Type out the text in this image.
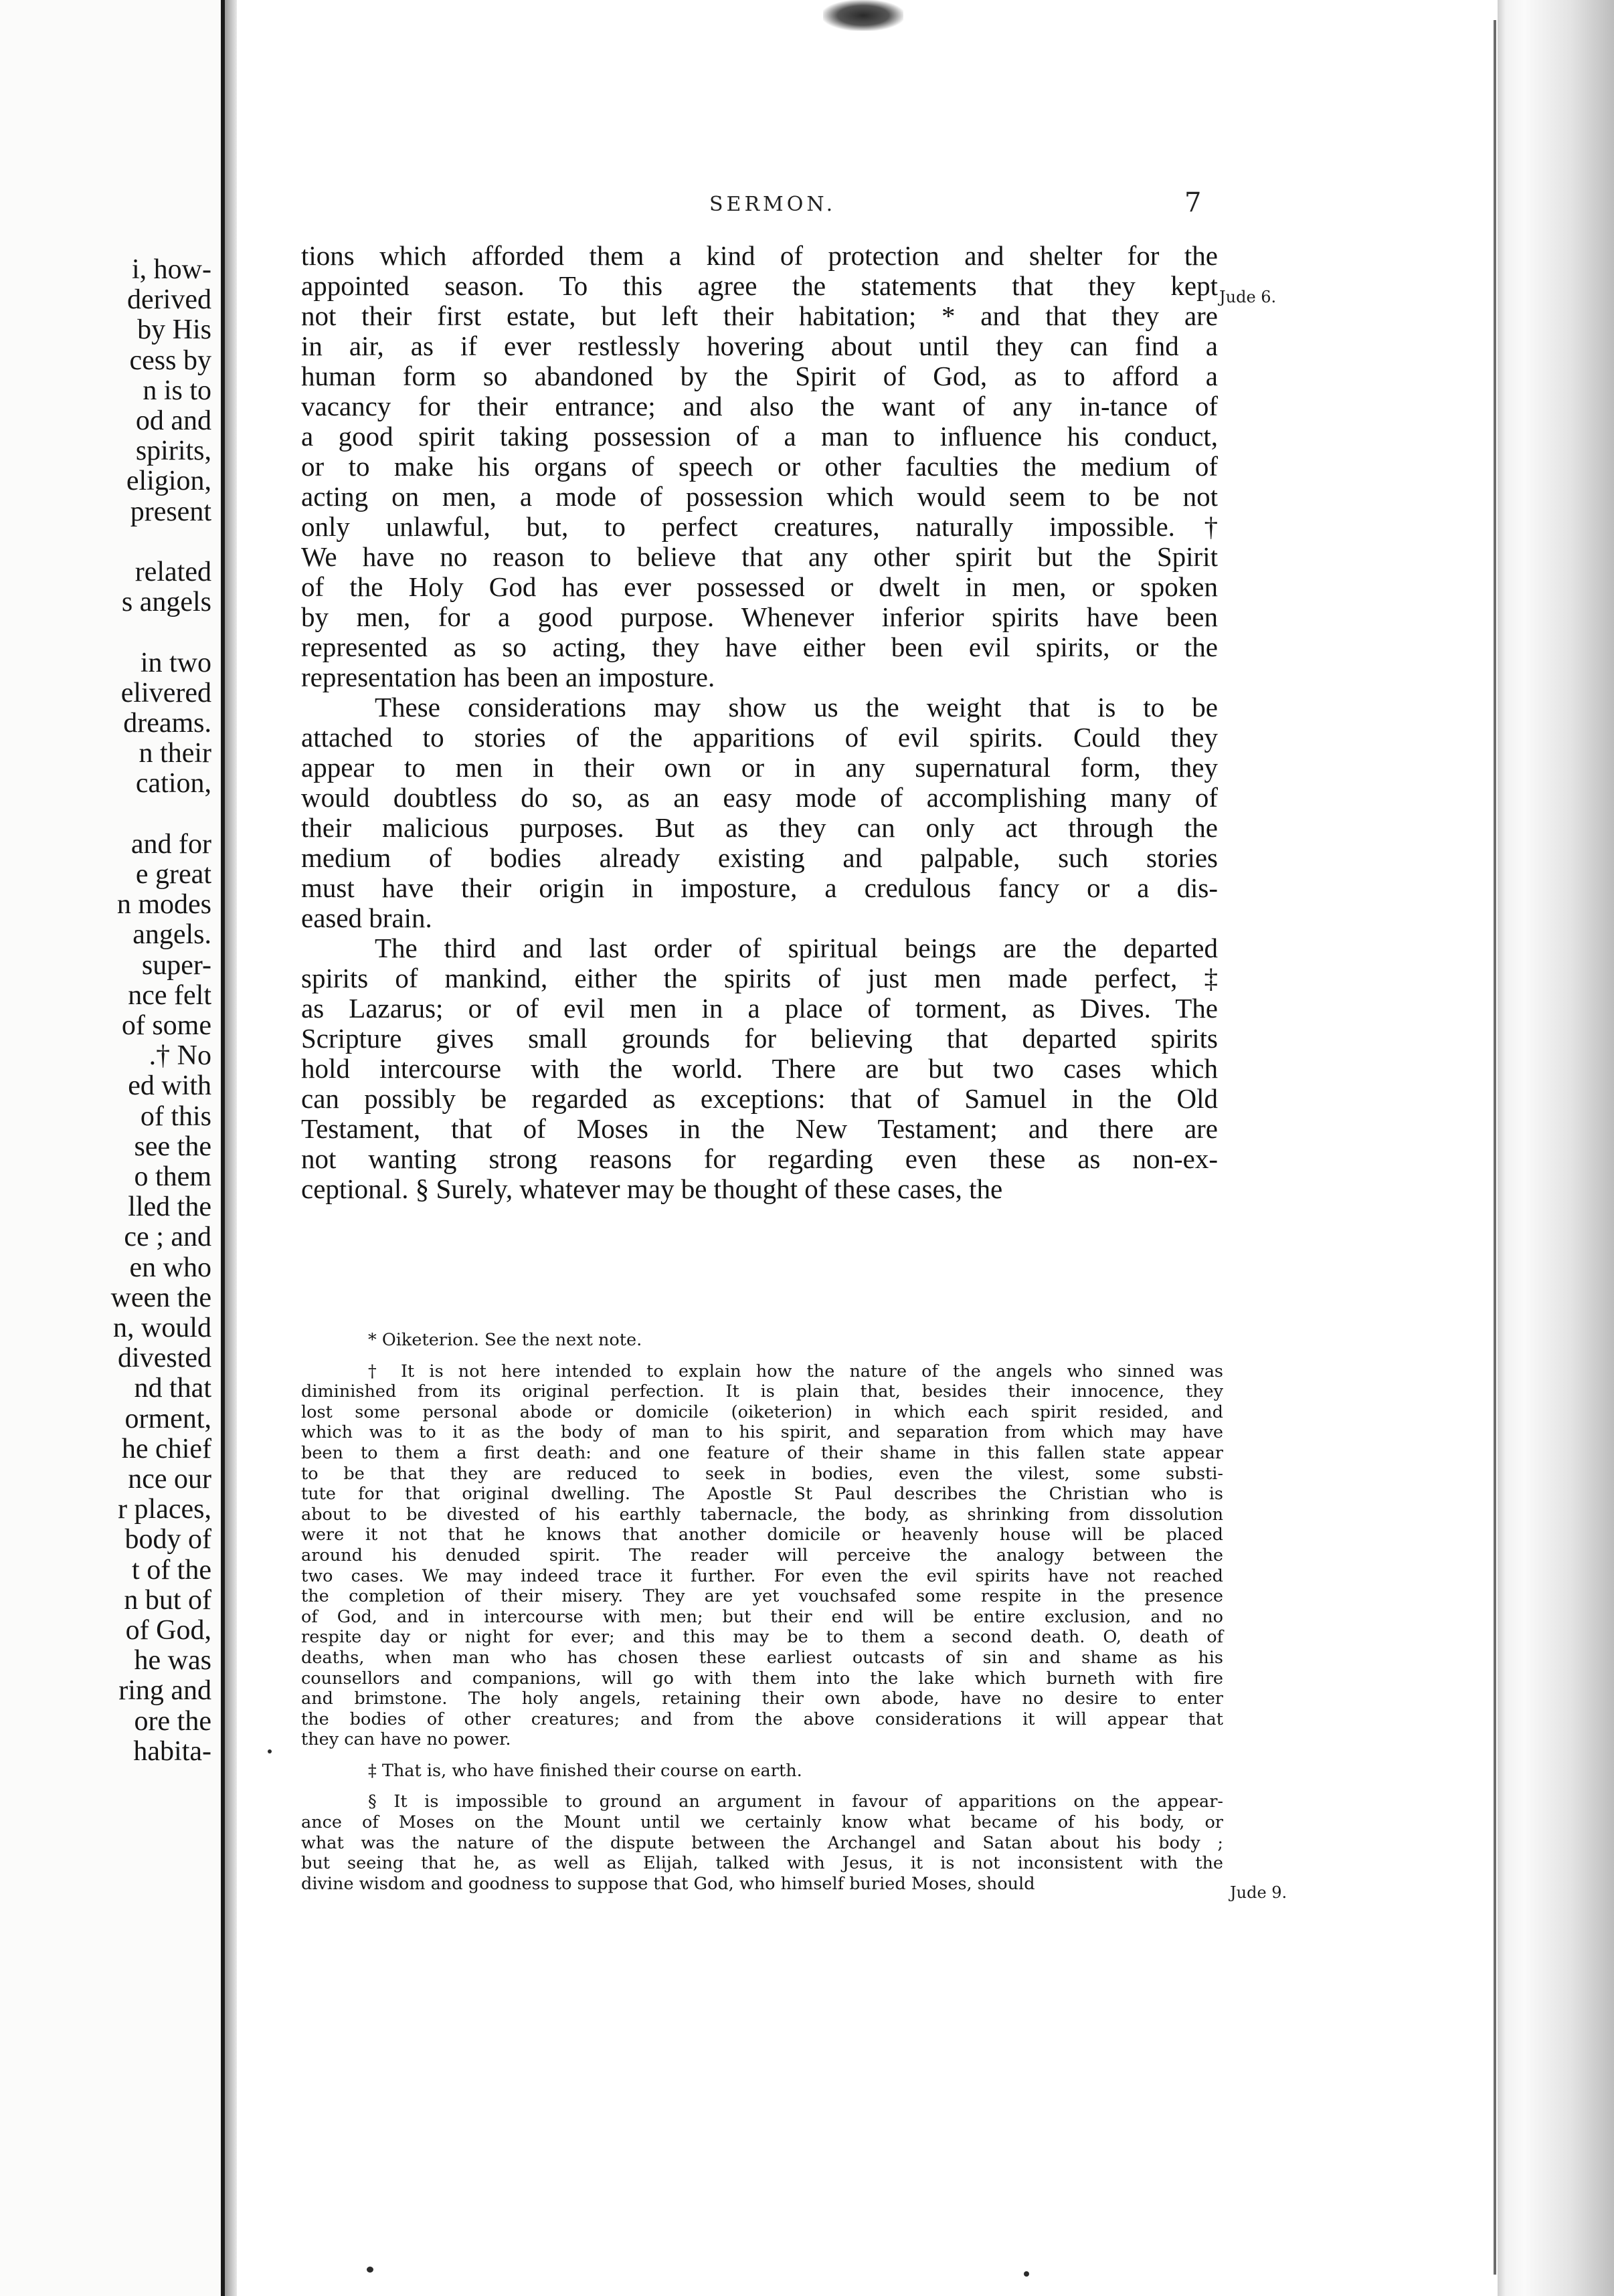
i, how-
derived
by His
cess by
n is to
od and
spirits,
eligion,
present
related
s angels
in two
elivered
dreams.
n their
cation,
and for
e great
n modes
angels.
super-
nce felt
of some
.† No
ed with
of this
see the
o them
lled the
ce ; and
en who
ween the
n, would
divested
nd that
orment,
he chief
nce our
r places,
body of
t of the
n but of
of God,
he was
ring and
ore the
habita-
SERMON.	7
tions which afforded them a kind of protection and shelter for the
appointed season. To this agree the statements that they kept
not their first estate, but left their habitation; * and that they are
in air, as if ever restlessly hovering about until they can find a
human form so abandoned by the Spirit of God, as to afford a
vacancy for their entrance; and also the want of any in-tance of
a good spirit taking possession of a man to influence his conduct,
or to make his organs of speech or other faculties the medium of
acting on men, a mode of possession which would seem to be not
only unlawful, but, to perfect creatures, naturally impossible.†
We have no reason to believe that any other spirit but the Spirit
of the Holy God has ever possessed or dwelt in men, or spoken
by men, for a good purpose. Whenever inferior spirits have been
represented as so acting, they have either been evil spirits, or the
representation has been an imposture.
These considerations may show us the weight that is to be
attached to stories of the apparitions of evil spirits. Could they
appear to men in their own or in any supernatural form, they
would doubtless do so, as an easy mode of accomplishing many of
their malicious purposes. But as they can only act through the
medium of bodies already existing and palpable, such stories
must have their origin in imposture, a credulous fancy or a dis-
eased brain.
The third and last order of spiritual beings are the departed
spirits of mankind, either the spirits of just men made perfect, ‡
as Lazarus; or of evil men in a place of torment, as Dives. The
Scripture gives small grounds for believing that departed spirits
hold intercourse with the world. There are but two cases which
can possibly be regarded as exceptions: that of Samuel in the Old
Testament, that of Moses in the New Testament; and there are
not wanting strong reasons for regarding even these as non-ex-
ceptional. § Surely, whatever may be thought of these cases, the
* Oiketerion. See the next note.
† It is not here intended to explain how the nature of the angels who sinned was
diminished from its original perfection. It is plain that, besides their innocence, they
lost some personal abode or domicile (oiketerion) in which each spirit resided, and
which was to it as the body of man to his spirit, and separation from which may have
been to them a first death: and one feature of their shame in this fallen state appear
to be that they are reduced to seek in bodies, even the vilest, some substi-
tute for that original dwelling. The Apostle St Paul describes the Christian who is
about to be divested of his earthly tabernacle, the body, as shrinking from dissolution
were it not that he knows that another domicile or heavenly house will be placed
around his denuded spirit. The reader will perceive the analogy between the
two cases. We may indeed trace it further. For even the evil spirits have not reached
the completion of their misery. They are yet vouchsafed some respite in the presence
of God, and in intercourse with men; but their end will be entire exclusion, and no
respite day or night for ever; and this may be to them a second death. O, death of
deaths, when man who has chosen these earliest outcasts of sin and shame as his
counsellors and companions, will go with them into the lake which burneth with fire
and brimstone. The holy angels, retaining their own abode, have no desire to enter
the bodies of other creatures; and from the above considerations it will appear that
they can have no power.
‡ That is, who have finished their course on earth.
§ It is impossible to ground an argument in favour of apparitions on the appear-
ance of Moses on the Mount until we certainly know what became of his body, or
what was the nature of the dispute between the Archangel and Satan about his body ;
but seeing that he, as well as Elijah, talked with Jesus, it is not inconsistent with the
divine wisdom and goodness to suppose that God, who himself buried Moses, should
Jude 6.
Jude 9.
